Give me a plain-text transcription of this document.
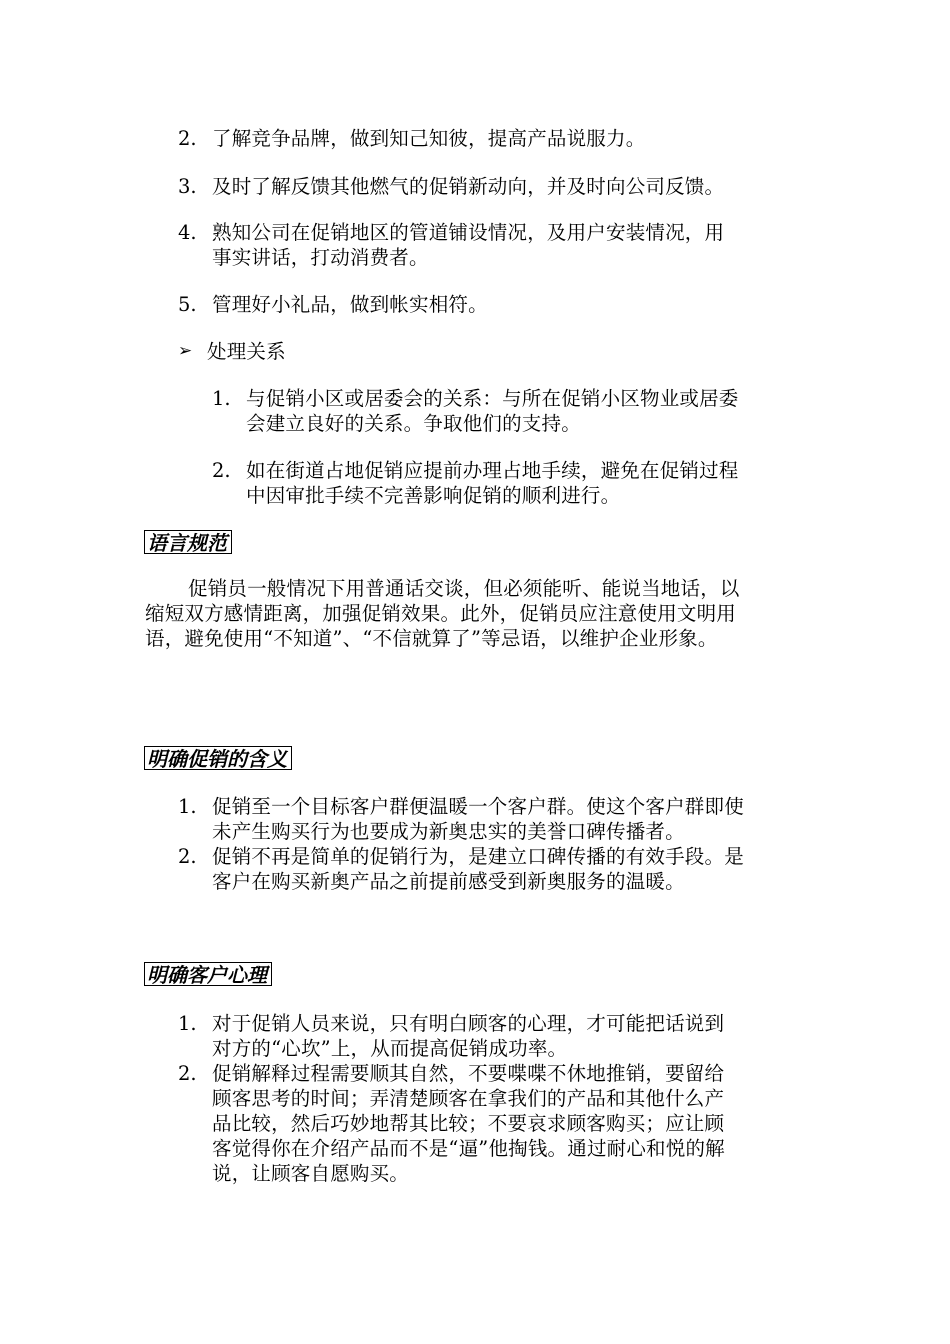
2. 了解竞争品牌，做到知己知彼，提高产品说服力。
3. 及时了解反馈其他燃气的促销新动向，并及时向公司反馈。
4. 熟知公司在促销地区的管道铺设情况，及用户安装情况，用
事实讲话，打动消费者。
5. 管理好小礼品，做到帐实相符。
➢ 处理关系
1. 与促销小区或居委会的关系：与所在促销小区物业或居委
会建立良好的关系。争取他们的支持。
2. 如在街道占地促销应提前办理占地手续，避免在促销过程
中因审批手续不完善影响促销的顺利进行。
语言规范
促销员一般情况下用普通话交谈，但必须能听、能说当地话，以
缩短双方感情距离，加强促销效果。此外，促销员应注意使用文明用
语，避免使用“不知道”、“不信就算了”等忌语，以维护企业形象。
明确促销的含义
1. 促销至一个目标客户群便温暖一个客户群。使这个客户群即使
未产生购买行为也要成为新奥忠实的美誉口碑传播者。
2. 促销不再是简单的促销行为，是建立口碑传播的有效手段。是
客户在购买新奥产品之前提前感受到新奥服务的温暖。
明确客户心理
1. 对于促销人员来说，只有明白顾客的心理，才可能把话说到
对方的“心坎”上，从而提高促销成功率。
2. 促销解释过程需要顺其自然，不要喋喋不休地推销，要留给
顾客思考的时间；弄清楚顾客在拿我们的产品和其他什么产
品比较，然后巧妙地帮其比较；不要哀求顾客购买；应让顾
客觉得你在介绍产品而不是“逼”他掏钱。通过耐心和悦的解
说，让顾客自愿购买。
